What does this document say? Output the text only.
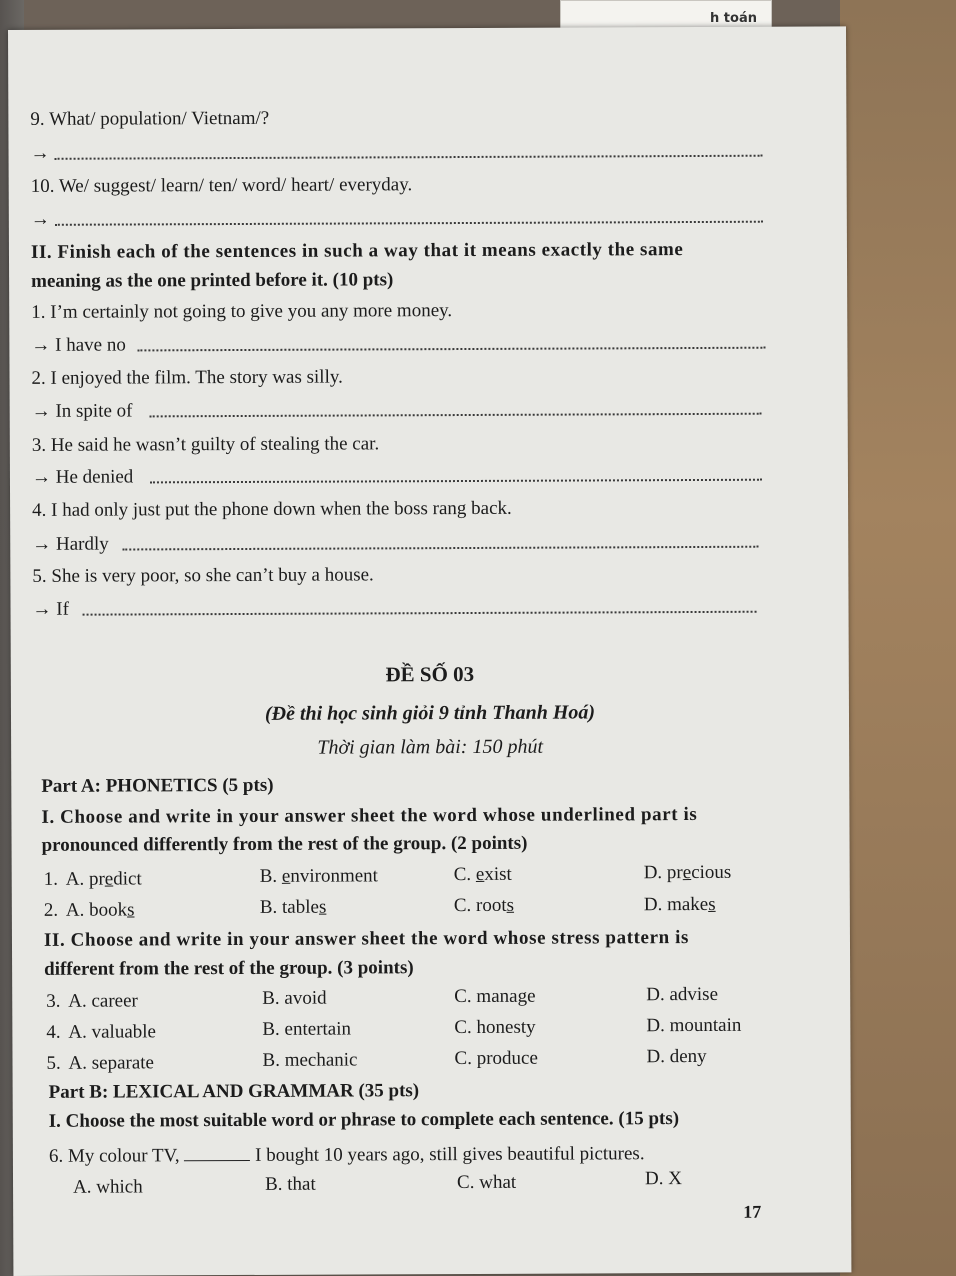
h toán
9. What/ population/ Vietnam/?
→
10. We/ suggest/ learn/ ten/ word/ heart/ everyday.
→
II. Finish each of the sentences in such a way that it means exactly the same
meaning as the one printed before it. (10 pts)
1. I’m certainly not going to give you any more money.
→ I have no
2. I enjoyed the film. The story was silly.
→ In spite of
3. He said he wasn’t guilty of stealing the car.
→ He denied
4. I had only just put the phone down when the boss rang back.
→ Hardly
5. She is very poor, so she can’t buy a house.
→ If
ĐỀ SỐ 03
(Đề thi học sinh giỏi 9 tỉnh Thanh Hoá)
Thời gian làm bài: 150 phút
Part A: PHONETICS (5 pts)
I. Choose and write in your answer sheet the word whose underlined part is
pronounced differently from the rest of the group. (2 points)
1. A. predict	B. environment	C. exist	D. precious
2. A. books	B. tables	C. roots	D. makes
II. Choose and write in your answer sheet the word whose stress pattern is
different from the rest of the group. (3 points)
3. A. career	B. avoid	C. manage	D. advise
4. A. valuable	B. entertain	C. honesty	D. mountain
5. A. separate	B. mechanic	C. produce	D. deny
Part B: LEXICAL AND GRAMMAR (35 pts)
I. Choose the most suitable word or phrase to complete each sentence. (15 pts)
6. My colour TV,	I bought 10 years ago, still gives beautiful pictures.
A. which	B. that	C. what	D. X
17
